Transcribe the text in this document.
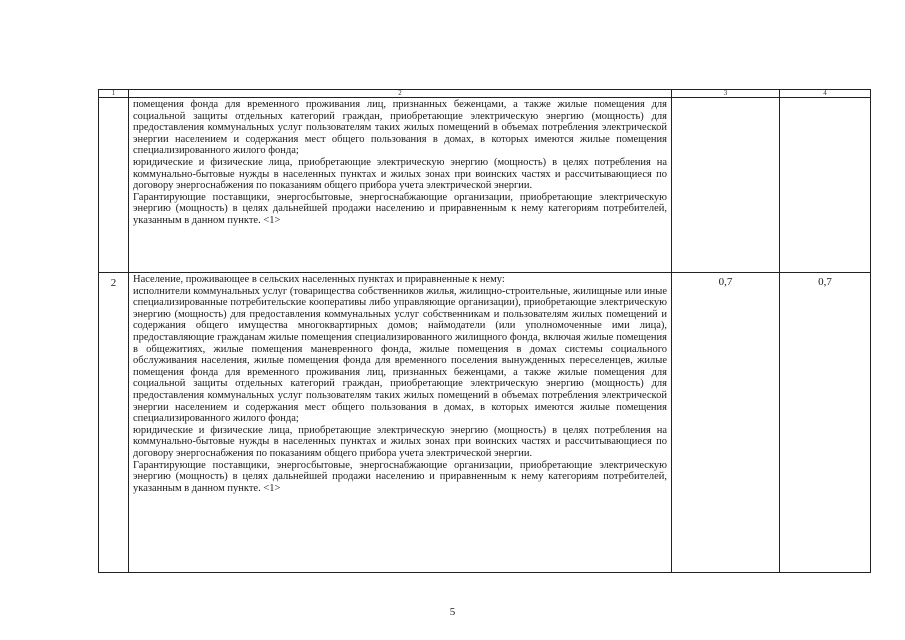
1	2	3	4

	помещения фонда для временного проживания лиц, признанных беженцами, а также жилые помещения для социальной защиты отдельных категорий граждан, приобретающие электрическую энергию (мощность) для предоставления коммунальных услуг пользователям таких жилых помещений в объемах потребления электрической энергии населением и содержания мест общего пользования в домах, в которых имеются жилые помещения специализированного жилого фонда;

юридические и физические лица, приобретающие электрическую энергию (мощность) в целях потребления на коммунально-бытовые нужды в населенных пунктах и жилых зонах при воинских частях и рассчитывающиеся по договору энергоснабжения по показаниям общего прибора учета электрической энергии.

Гарантирующие поставщики, энергосбытовые, энергоснабжающие организации, приобретающие электрическую энергию (мощность) в целях дальнейшей продажи населению и приравненным к нему категориям потребителей, указанным в данном пункте. <1>		

2	Население, проживающее в сельских населенных пунктах и приравненные к нему:

исполнители коммунальных услуг (товарищества собственников жилья, жилищно-строительные, жилищные или иные специализированные потребительские кооперативы либо управляющие организации), приобретающие электрическую энергию (мощность) для предоставления коммунальных услуг собственникам и пользователям жилых помещений и содержания общего имущества многоквартирных домов; наймодатели (или уполномоченные ими лица), предоставляющие гражданам жилые помещения специализированного жилищного фонда, включая жилые помещения в общежитиях, жилые помещения маневренного фонда, жилые помещения в домах системы социального обслуживания населения, жилые помещения фонда для временного поселения вынужденных переселенцев, жилые помещения фонда для временного проживания лиц, признанных беженцами, а также жилые помещения для социальной защиты отдельных категорий граждан, приобретающие электрическую энергию (мощность) для предоставления коммунальных услуг пользователям таких жилых помещений в объемах потребления электрической энергии населением и содержания мест общего пользования в домах, в которых имеются жилые помещения специализированного жилого фонда;

юридические и физические лица, приобретающие электрическую энергию (мощность) в целях потребления на коммунально-бытовые нужды в населенных пунктах и жилых зонах при воинских частях и рассчитывающиеся по договору энергоснабжения по показаниям общего прибора учета электрической энергии.

Гарантирующие поставщики, энергосбытовые, энергоснабжающие организации, приобретающие электрическую энергию (мощность) в целях дальнейшей продажи населению и приравненным к нему категориям потребителей, указанным в данном пункте. <1>	0,7	0,7
5
